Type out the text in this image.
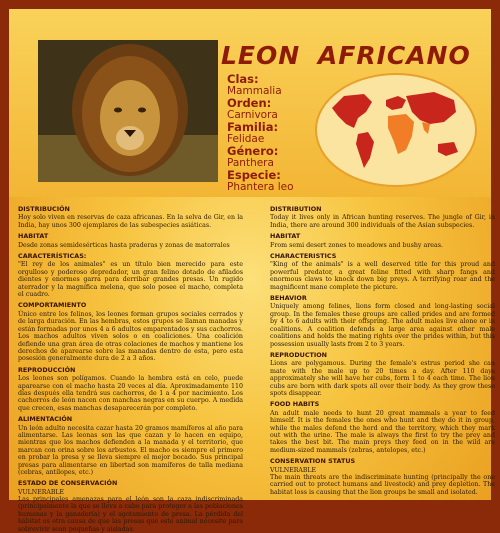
LEON AFRICANO
Clas:
Mammalia
Orden:
Carnivora
Familia:
Felidae
Género:
Panthera
Especie:
Phantera leo
DISTRIBUCIÓN

Hoy solo viven en reservas de caza africanas. En la selva de Gir, en la India, hay unos 300 ejemplares de las subespecies asiáticas.

HABITAT

Desde zonas semidesérticas hasta praderas y zonas de matorrales

CARACTERÍSTICAS:

"El rey de los animales" es un título bien merecido para este orgulloso y poderoso depredador, un gran felino dotado de afilados dientes y enormes garra para derribar grandes presas. Un rugido aterrador y la magnífica melena, que solo posee el macho, completa el cuadro.

COMPORTAMIENTO

Único entre los felinos, los leones forman grupos sociales cerrados y de larga duración. En las hembras, estos grupos se llaman manadas y están formadas por unos 4 a 6 adultos emparentados y sus cachorros. Los machos adultos viven solos o en coaliciones. Una coalición defiende una gran área de otras colaciones de machos y mantiene los derechos de aparearse sobre las manadas dentro de esta, pero esta posesión generalmente dura de 2 a 3 años.

REPRODUCCIÓN

Los leones son polígamos. Cuando la hembra está en celo, puede aparearse con el macho hasta 20 veces al día. Aproximadamente 110 días después ella tendrá sus cachorros, de 1 a 4 por nacimiento. Los cachorros de león nacen con manchas negras en su cuerpo. A medida que crecen, esas manchas desaparecerán por completo.

ALIMENTACIÓN

Un león adulto necesita cazar hasta 20 gramos mamíferos al año para alimentarse. Las leonas son las que cazan y lo hacen en equipo, mientras que los machos defienden a la manada y el territorio, que marcan con orina sobre los arbustos. El macho es siempre el primero en probar la presa y se lleva siempre el mejor bocado. Sus principal presas para alimentarse en libertad son mamíferos de talla mediana (cebras, antílopes, etc.)

ESTADO DE CONSERVACIÓN

VULNERABLE

Las principales amenazas para el león son la caza indiscriminada (principalmente la que se lleva a cabo para proteger a las poblaciones humanas y la ganadería) y el agotamiento de presa. La pérdida del hábitat es otra causa de que las presas que este animal necesite para sobrevivir sean pequeñas y aisladas.

DISTRIBUTION

Today it lives only in African hunting reserves. The jungle of Gir, in India, there are around 300 individuals of the Asian subspecies.

HABITAT

From semi desert zones to meadows and bushy areas.

CHARACTERISTICS

"King of the animals" is a well deserved title for this proud and powerful predator, a great feline fitted with sharp fangs and enormous claws to knock down big preys. A terrifying roar and the magnificent mane complete the picture.

BEHAVIOR

Uniquely among felines, lions form closed and long-lasting social group. In the females these groups are called prides and are formed by 4 to 6 adults with their offspring. The adult males live alone or in coalitions. A coalition defends a large area against other male coalitions and holds the mating rights over the prides within, but this possession usually lasts from 2 to 3 years.

REPRODUCTION

Lions are polygamous. During the female's estrus period she can mate with the male up to 20 times a day. After 110 days approximately she will have her cubs, form 1 to 4 each time. The lion cubs are born with dark spots all over their body. As they grow these spots disappear.

FOOD HABITS

An adult male needs to hunt 20 great mammals a year to feed himself. It is the females the ones who hunt and they do it in group, while the males defend the herd and the territory, which they mark out with the urine. The male is always the first to try the prey and takes the best bit. The main preys they feed on in the wild are medium-sized mammals (zebras, antelopes, etc.)

CONSERVATION STATUS

VULNERABLE

The main threats are the indiscriminate hunting (principally the one carried out to protect humans and livestock) and prey depletion. The habitat loss is causing that the lion groups be small and isolated.
